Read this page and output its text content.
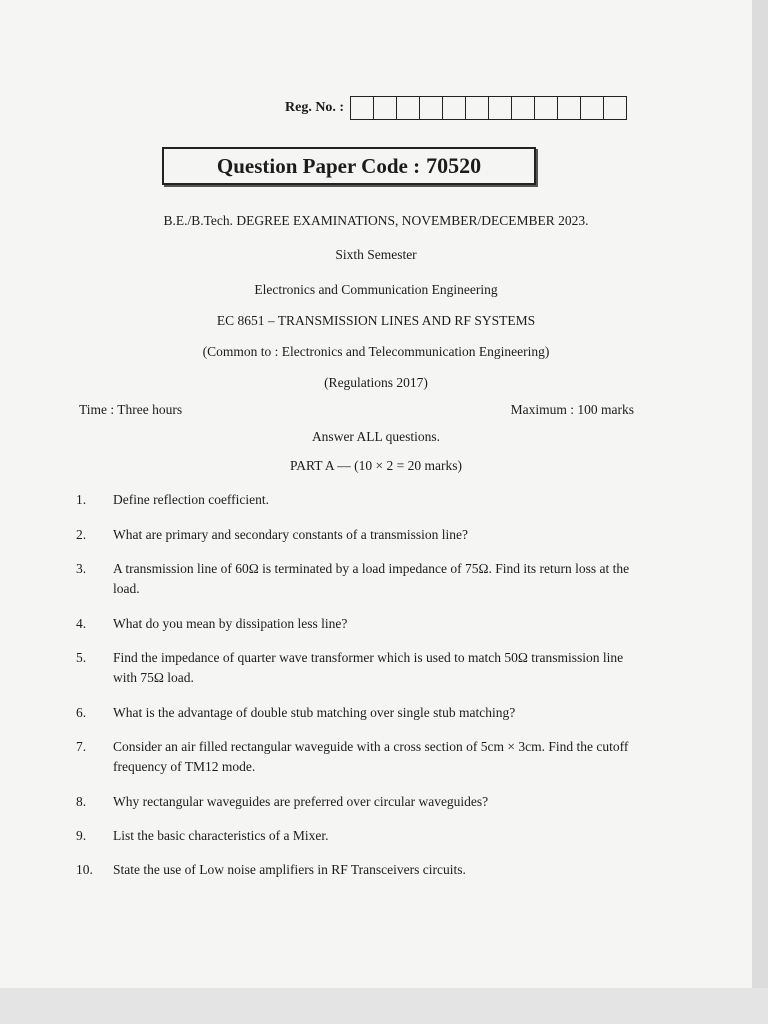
Reg. No. :
Question Paper Code : 70520
B.E./B.Tech. DEGREE EXAMINATIONS, NOVEMBER/DECEMBER 2023.
Sixth Semester
Electronics and Communication Engineering
EC 8651 – TRANSMISSION LINES AND RF SYSTEMS
(Common to : Electronics and Telecommunication Engineering)
(Regulations 2017)
Time : Three hours	Maximum : 100 marks
Answer ALL questions.
PART A — (10 × 2 = 20 marks)
1.	Define reflection coefficient.
2.	What are primary and secondary constants of a transmission line?
3.	A transmission line of 60Ω is terminated by a load impedance of 75Ω. Find its return loss at the load.
4.	What do you mean by dissipation less line?
5.	Find the impedance of quarter wave transformer which is used to match 50Ω transmission line with 75Ω load.
6.	What is the advantage of double stub matching over single stub matching?
7.	Consider an air filled rectangular waveguide with a cross section of 5cm × 3cm. Find the cutoff frequency of TM12 mode.
8.	Why rectangular waveguides are preferred over circular waveguides?
9.	List the basic characteristics of a Mixer.
10.	State the use of Low noise amplifiers in RF Transceivers circuits.
